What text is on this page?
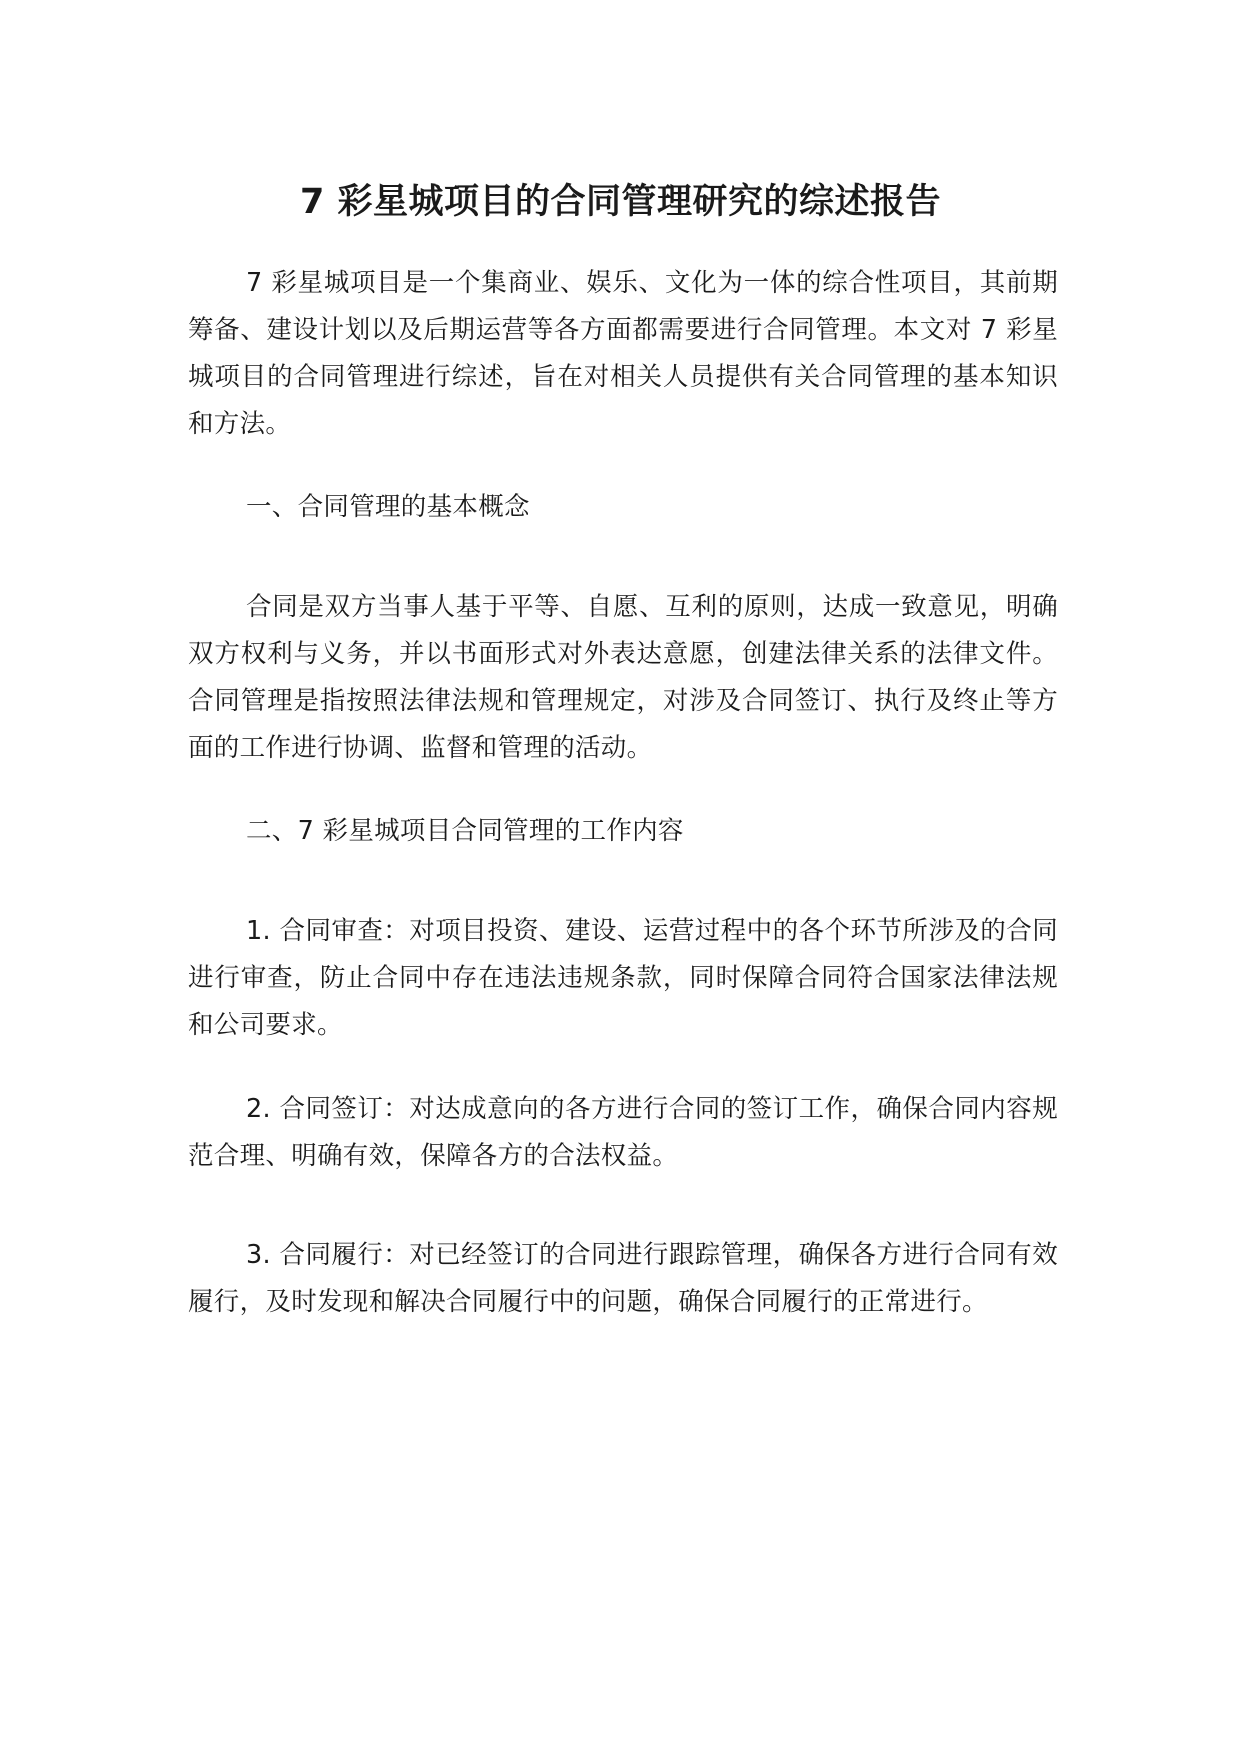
7 彩星城项目的合同管理研究的综述报告

7 彩星城项目是一个集商业、娱乐、文化为一体的综合性项目，其前期筹备、建设计划以及后期运营等各方面都需要进行合同管理。本文对 7 彩星城项目的合同管理进行综述，旨在对相关人员提供有关合同管理的基本知识和方法。

一、合同管理的基本概念

合同是双方当事人基于平等、自愿、互利的原则，达成一致意见，明确双方权利与义务，并以书面形式对外表达意愿，创建法律关系的法律文件。合同管理是指按照法律法规和管理规定，对涉及合同签订、执行及终止等方面的工作进行协调、监督和管理的活动。

二、7 彩星城项目合同管理的工作内容

1. 合同审查：对项目投资、建设、运营过程中的各个环节所涉及的合同进行审查，防止合同中存在违法违规条款，同时保障合同符合国家法律法规和公司要求。

2. 合同签订：对达成意向的各方进行合同的签订工作，确保合同内容规范合理、明确有效，保障各方的合法权益。

3. 合同履行：对已经签订的合同进行跟踪管理，确保各方进行合同有效履行，及时发现和解决合同履行中的问题，确保合同履行的正常进行。
